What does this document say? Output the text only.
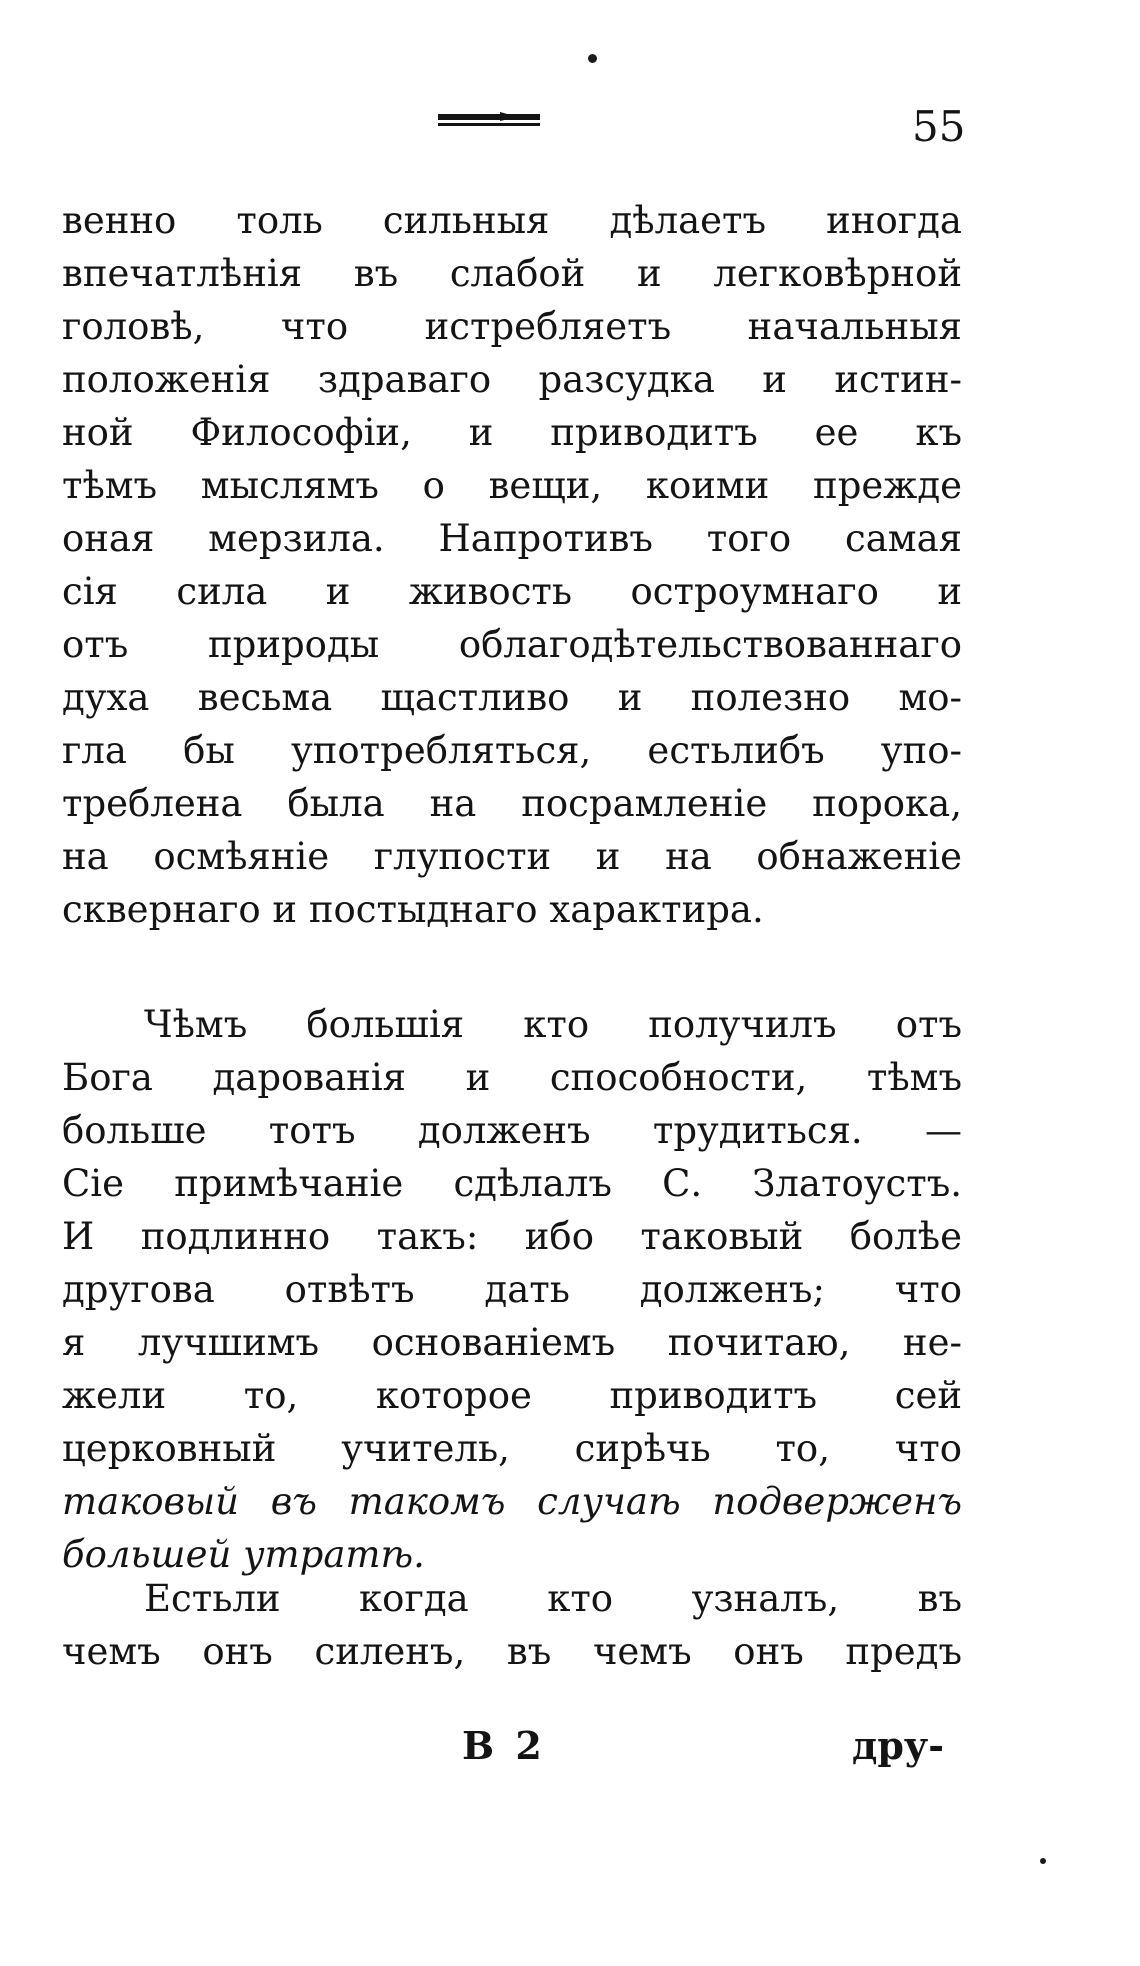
55
венно толь сильныя дѣлаетъ иногда
впечатлѣнія въ слабой и легковѣрной
головѣ, что истребляетъ начальныя
положенія здраваго разсудка и истин-
ной Философіи, и приводитъ ее къ
тѣмъ мыслямъ о вещи, коими прежде
оная мерзила. Напротивъ того самая
сія сила и живость остроумнаго и
отъ природы облагодѣтельствованнаго
духа весьма щастливо и полезно мо-
гла бы употребляться, естьлибъ упо-
треблена была на посрамленіе порока,
на осмѣяніе глупости и на обнаженіе
сквернаго и постыднаго характира.
Чѣмъ большія кто получилъ отъ
Бога дарованія и способности, тѣмъ
больше тотъ долженъ трудиться. —
Сіе примѣчаніе сдѣлалъ С. Златоустъ.
И подлинно такъ: ибо таковый болѣе
другова отвѣтъ дать долженъ; что
я лучшимъ основаніемъ почитаю, не-
жели то, которое приводитъ сей
церковный учитель, сирѣчь то, что
таковый въ такомъ случаѣ подверженъ
большей утратѣ.
Естьли когда кто узналъ, въ
чемъ онъ силенъ, въ чемъ онъ предъ
В 2	дру-
